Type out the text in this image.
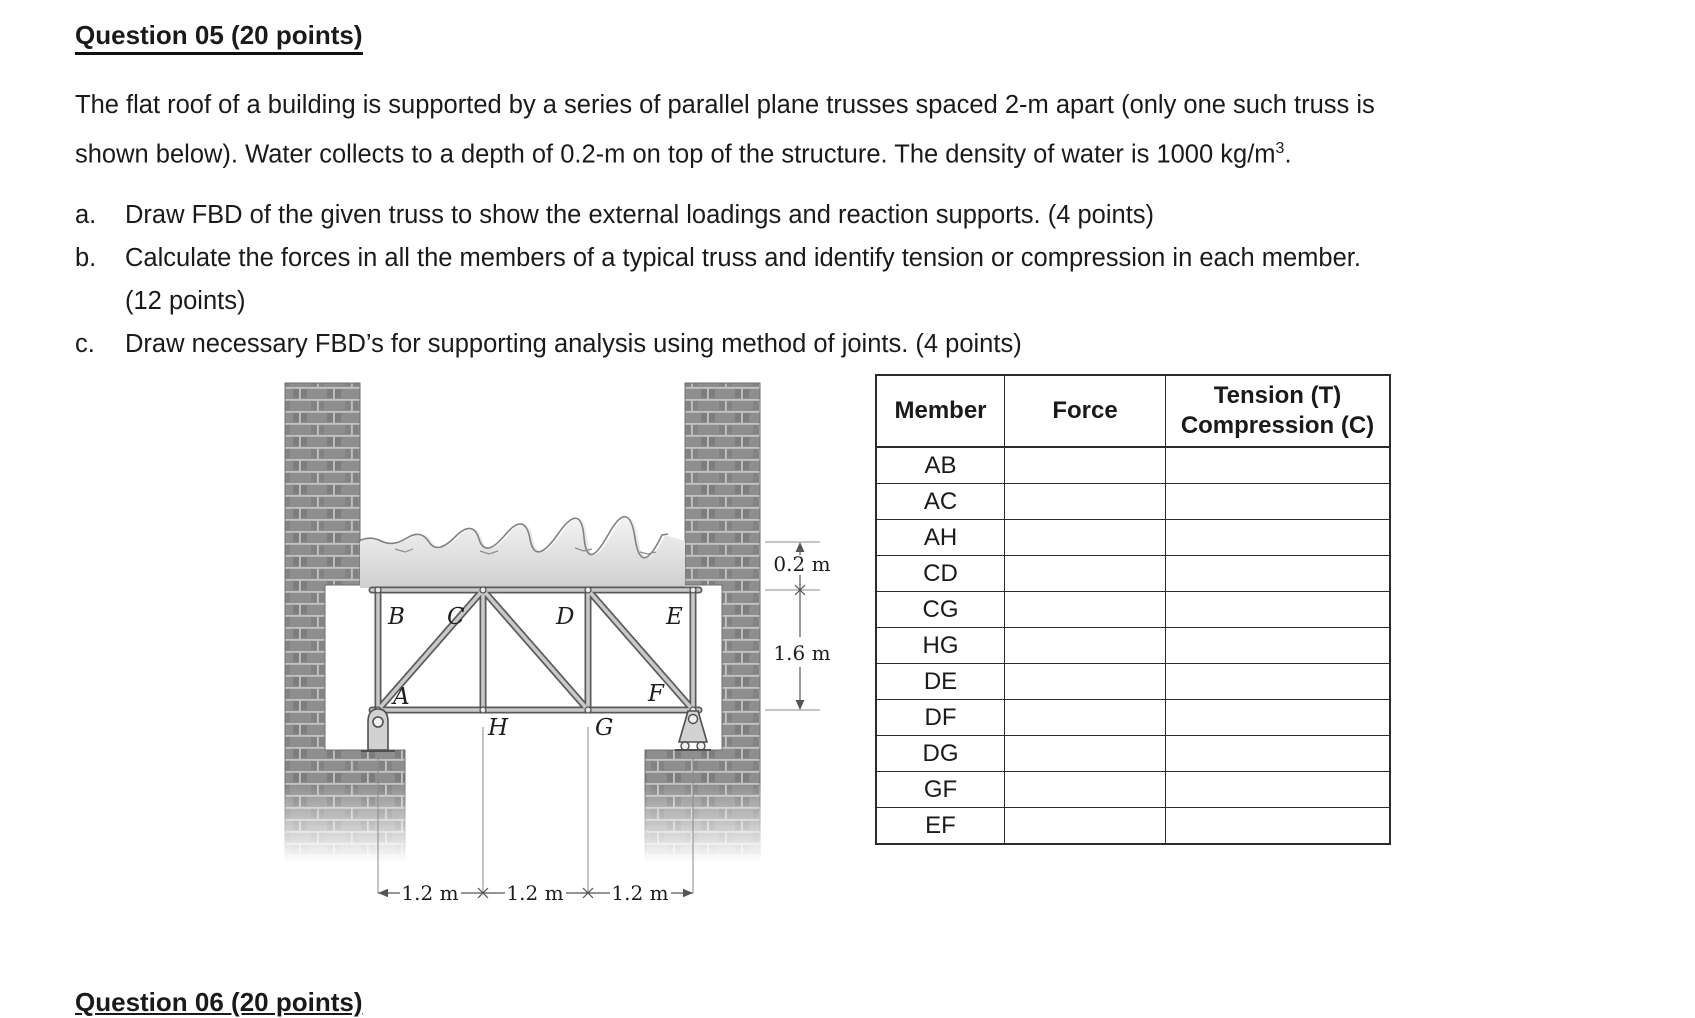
Question 05 (20 points)
The flat roof of a building is supported by a series of parallel plane trusses spaced 2-m apart (only one such truss is
shown below). Water collects to a depth of 0.2-m on top of the structure. The density of water is 1000 $kg/m^3$.
a.	Draw FBD of the given truss to show the external loadings and reaction supports. (4 points)
b.	Calculate the forces in all the members of a typical truss and identify tension or compression in each member.
(12 points)
c.	Draw necessary FBD’s for supporting analysis using method of joints. (4 points)
B C	D	E
A	F
H	G
0.2 m
1.6 m
1.2 m 1.2 m 1.2 m
Member	Force	Tension (T)
Compression (C)

AB		
AC		
AH		
CD		
CG		
HG		
DE		
DF		
DG		
GF		
EF		
Question 06 (20 points)
